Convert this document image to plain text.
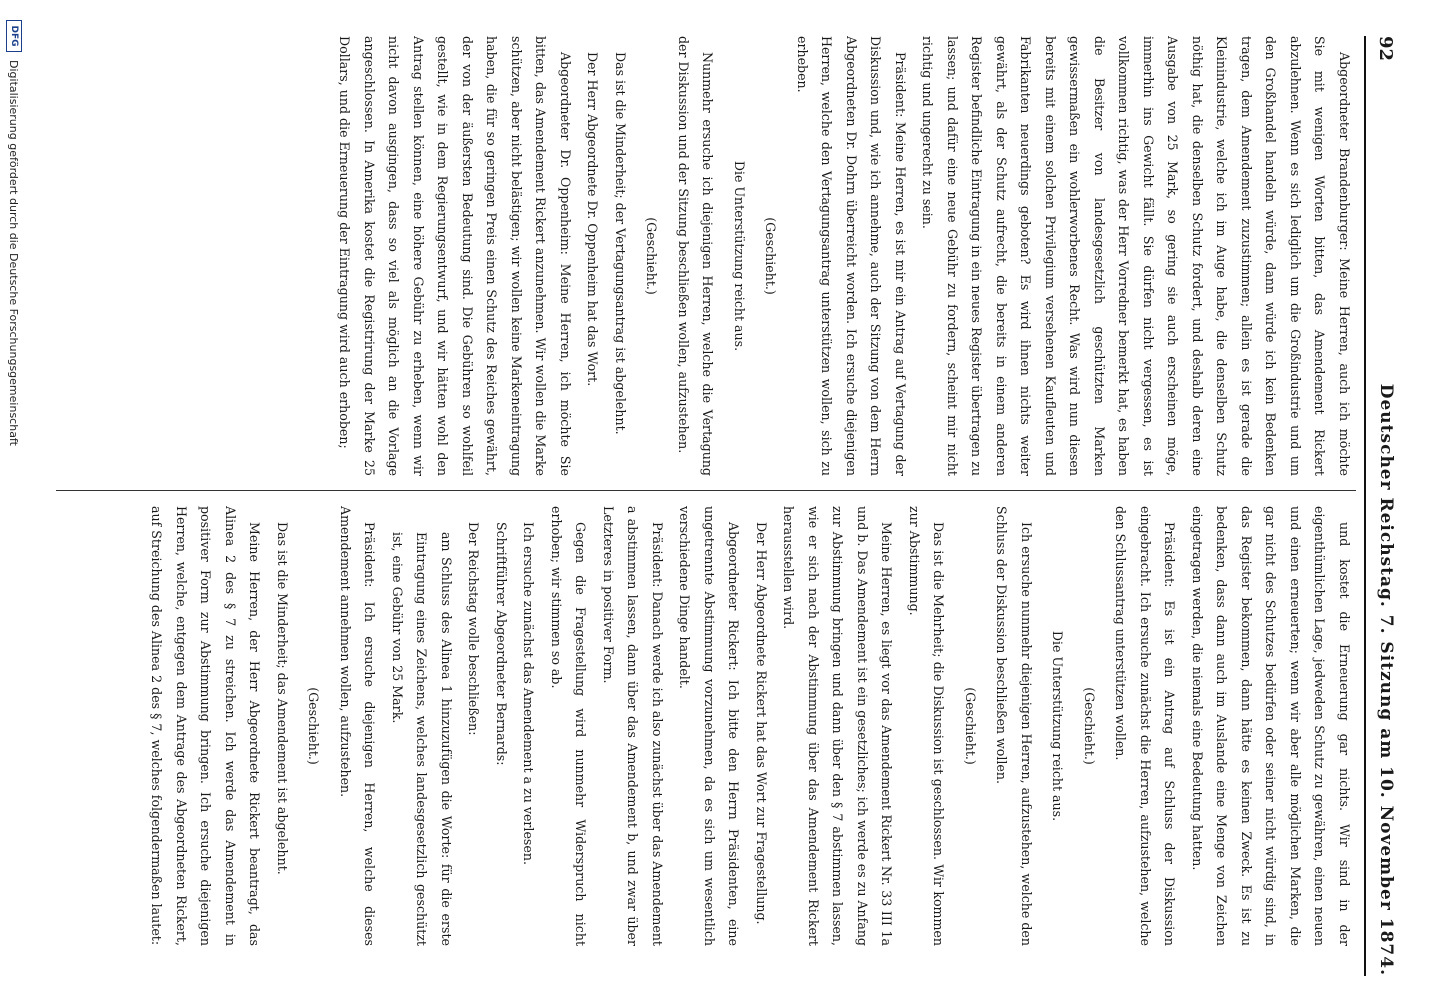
92
Deutscher Reichstag. 7. Sitzung am 10. November 1874.

Abgeordneter Brandenburger: Meine Herren, auch ich möchte Sie mit wenigen Worten bitten, das Amendement Rickert abzulehnen. Wenn es sich lediglich um die Großindustrie und um den Großhandel handeln würde, dann würde ich kein Bedenken tragen, dem Amendement zuzustimmen; allein es ist gerade die Kleinindustrie, welche ich im Auge habe, die denselben Schutz nöthig hat, die denselben Schutz fordert, und deshalb deren eine Ausgabe von 25 Mark, so gering sie auch erscheinen möge, immerhin ins Gewicht fällt. Sie dürfen nicht vergessen, es ist vollkommen richtig, was der Herr Vorredner bemerkt hat, es haben die Besitzer von landesgesetzlich geschützten Marken gewissermaßen ein wohlerworbenes Recht. Was wird nun diesen bereits mit einem solchen Privilegium versehenen Kaufleuten und Fabrikanten neuerdings geboten? Es wird ihnen nichts weiter gewährt, als der Schutz aufrecht, die bereits in einem anderen Register befindliche Eintragung in ein neues Register übertragen zu lassen; und dafür eine neue Gebühr zu fordern, scheint mir nicht richtig und ungerecht zu sein.

Präsident: Meine Herren, es ist mir ein Antrag auf Vertagung der Diskussion und, wie ich annehme, auch der Sitzung von dem Herrn Abgeordneten Dr. Dohrn überreicht worden. Ich ersuche diejenigen Herren, welche den Vertagungsantrag unterstützen wollen, sich zu erheben.

(Geschieht.)

Die Unterstützung reicht aus.

Nunmehr ersuche ich diejenigen Herren, welche die Vertagung der Diskussion und der Sitzung beschließen wollen, aufzustehen.

(Geschieht.)

Das ist die Minderheit; der Vertagungsantrag ist abgelehnt.

Der Herr Abgeordnete Dr. Oppenheim hat das Wort.

Abgeordneter Dr. Oppenheim: Meine Herren, ich möchte Sie bitten, das Amendement Rickert anzunehmen. Wir wollen die Marke schützen, aber nicht belästigen; wir wollen keine Markeneintragung haben, die für so geringen Preis einen Schutz des Reiches gewährt, der von der äußersten Bedeutung sind. Die Gebühren so wohlfeil gestellt, wie in dem Regierungsentwurf, und wir hätten wohl den Antrag stellen können, eine höhere Gebühr zu erheben, wenn wir nicht davon ausgingen, dass so viel als möglich an die Vorlage angeschlossen. In Amerika kostet die Registrirung der Marke 25 Dollars, und die Erneuerung der Eintragung wird auch erhoben;

und kostet die Erneuerung gar nichts. Wir sind in der eigenthümlichen Lage, jedweden Schutz zu gewähren, einen neuen und einen erneuerten; wenn wir aber alle möglichen Marken, die gar nicht des Schutzes bedürfen oder seiner nicht würdig sind, in das Register bekommen, dann hätte es keinen Zweck. Es ist zu bedenken, dass dann auch im Auslande eine Menge von Zeichen eingetragen werden, die niemals eine Bedeutung hatten.

Präsident: Es ist ein Antrag auf Schluss der Diskussion eingebracht. Ich ersuche zunächst die Herren, aufzustehen, welche den Schlussantrag unterstützen wollen.

(Geschieht.)

Die Unterstützung reicht aus.

Ich ersuche nunmehr diejenigen Herren, aufzustehen, welche den Schluss der Diskussion beschließen wollen.

(Geschieht.)

Das ist die Mehrheit; die Diskussion ist geschlossen. Wir kommen zur Abstimmung.

Meine Herren, es liegt vor das Amendement Rickert Nr. 33 III 1a und b. Das Amendement ist ein gesetzliches; ich werde es zu Anfang zur Abstimmung bringen und dann über den § 7 abstimmen lassen, wie er sich nach der Abstimmung über das Amendement Rickert herausstellen wird.

Der Herr Abgeordnete Rickert hat das Wort zur Fragestellung.

Abgeordneter Rickert: Ich bitte den Herrn Präsidenten, eine ungetrennte Abstimmung vorzunehmen, da es sich um wesentlich verschiedene Dinge handelt.

Präsident: Danach werde ich also zunächst über das Amendement a abstimmen lassen, dann über das Amendement b, und zwar über Letzteres in positiver Form.

Gegen die Fragestellung wird nunmehr Widerspruch nicht erhoben; wir stimmen so ab.

Ich ersuche zunächst das Amendement a zu verlesen.

Schriftführer Abgeordneter Bernards:

Der Reichstag wolle beschließen:

am Schluss des Alinea 1 hinzuzufügen die Worte: für die erste Eintragung eines Zeichens, welches landesgesetzlich geschützt ist, eine Gebühr von 25 Mark.

Präsident: Ich ersuche diejenigen Herren, welche dieses Amendement annehmen wollen, aufzustehen.

(Geschieht.)

Das ist die Minderheit; das Amendement ist abgelehnt.

Meine Herren, der Herr Abgeordnete Rickert beantragt, das Alinea 2 des § 7 zu streichen. Ich werde das Amendement in positiver Form zur Abstimmung bringen. Ich ersuche diejenigen Herren, welche, entgegen dem Antrage des Abgeordneten Rickert, auf Streichung des Alinea 2 des § 7, welches folgendermaßen lautet:

DFG
Digitalisierung gefördert durch die Deutsche Forschungsgemeinschaft
